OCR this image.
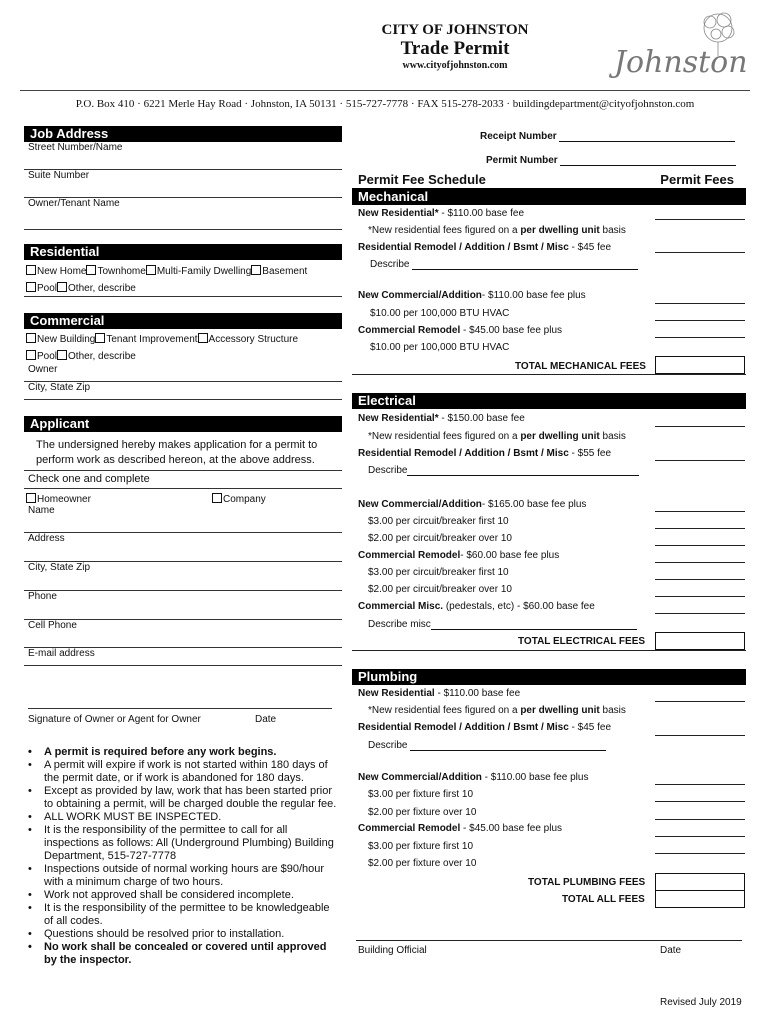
CITY OF JOHNSTON
Trade Permit
www.cityofjohnston.com	Johnston
P.O. Box 410 · 6221 Merle Hay Road · Johnston, IA 50131 · 515-727-7778 · FAX 515-278-2033 · buildingdepartment@cityofjohnston.com
Job Address
Street Number/Name
Suite Number
Owner/Tenant Name
Residential
New Home Townhome Multi-Family Dwelling Basement
Pool Other, describe
Commercial
New Building Tenant Improvement Accessory Structure
Pool Other, describe
Owner
City, State Zip
Applicant
The undersigned hereby makes application for a permit to
perform work as described hereon, at the above address.
Check one and complete
Homeowner	Company
Name
Address
City, State Zip
Phone
Cell Phone
E-mail address
Signature of Owner or Agent for Owner	Date
• A permit is required before any work begins.
• A permit will expire if work is not started within 180 days of the permit date, or if work is abandoned for 180 days.
• Except as provided by law, work that has been started prior to obtaining a permit, will be charged double the regular fee.
• ALL WORK MUST BE INSPECTED.
• It is the responsibility of the permittee to call for all inspections as follows: All (Underground Plumbing) Building Department, 515-727-7778
• Inspections outside of normal working hours are $90/hour with a minimum charge of two hours.
• Work not approved shall be considered incomplete.
• It is the responsibility of the permittee to be knowledgeable of all codes.
• Questions should be resolved prior to installation.
• No work shall be concealed or covered until approved by the inspector.
Receipt Number
Permit Number
Permit Fee Schedule	Permit Fees
Mechanical
New Residential* - $110.00 base fee
*New residential fees figured on a per dwelling unit basis
Residential Remodel / Addition / Bsmt / Misc - $45 fee
Describe
New Commercial/Addition- $110.00 base fee plus
$10.00 per 100,000 BTU HVAC
Commercial Remodel - $45.00 base fee plus
$10.00 per 100,000 BTU HVAC
TOTAL MECHANICAL FEES
Electrical
New Residential* - $150.00 base fee
*New residential fees figured on a per dwelling unit basis
Residential Remodel / Addition / Bsmt / Misc - $55 fee
Describe
New Commercial/Addition- $165.00 base fee plus
$3.00 per circuit/breaker first 10
$2.00 per circuit/breaker over 10
Commercial Remodel- $60.00 base fee plus
$3.00 per circuit/breaker first 10
$2.00 per circuit/breaker over 10
Commercial Misc. (pedestals, etc) - $60.00 base fee
Describe misc
TOTAL ELECTRICAL FEES
Plumbing
New Residential - $110.00 base fee
*New residential fees figured on a per dwelling unit basis
Residential Remodel / Addition / Bsmt / Misc - $45 fee
Describe
New Commercial/Addition - $110.00 base fee plus
$3.00 per fixture first 10
$2.00 per fixture over 10
Commercial Remodel - $45.00 base fee plus
$3.00 per fixture first 10
$2.00 per fixture over 10
TOTAL PLUMBING FEES
TOTAL ALL FEES
Building Official	Date
Revised July 2019
